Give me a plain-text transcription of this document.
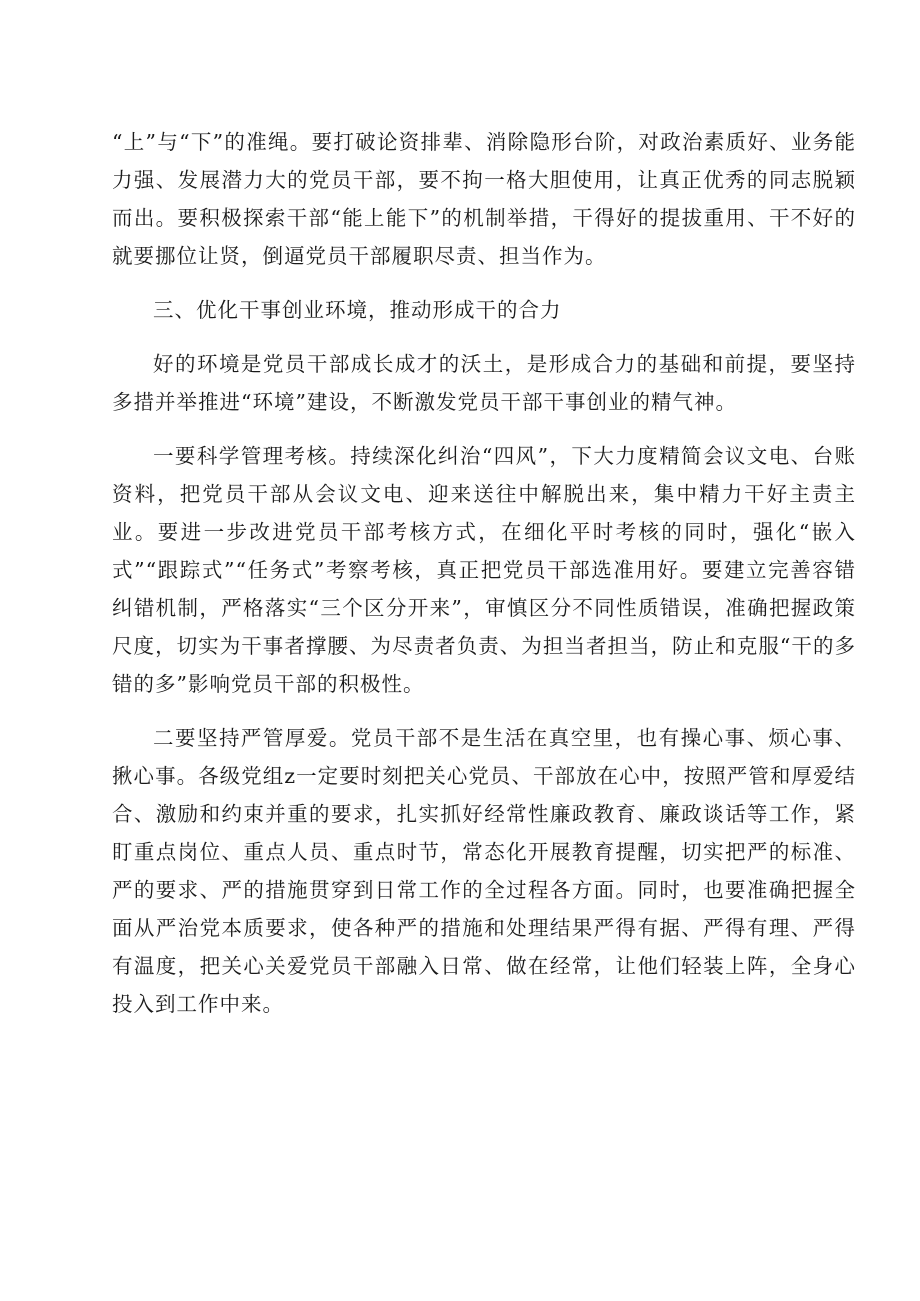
“上”与“下”的准绳。要打破论资排辈、消除隐形台阶，对政治素质好、业务能力强、发展潜力大的党员干部，要不拘一格大胆使用，让真正优秀的同志脱颖而出。要积极探索干部“能上能下”的机制举措，干得好的提拔重用、干不好的就要挪位让贤，倒逼党员干部履职尽责、担当作为。

三、优化干事创业环境，推动形成干的合力

好的环境是党员干部成长成才的沃土，是形成合力的基础和前提，要坚持多措并举推进“环境”建设，不断激发党员干部干事创业的精气神。

一要科学管理考核。持续深化纠治“四风”，下大力度精简会议文电、台账资料，把党员干部从会议文电、迎来送往中解脱出来，集中精力干好主责主业。要进一步改进党员干部考核方式，在细化平时考核的同时，强化“嵌入式”“跟踪式”“任务式”考察考核，真正把党员干部选准用好。要建立完善容错纠错机制，严格落实“三个区分开来”，审慎区分不同性质错误，准确把握政策尺度，切实为干事者撑腰、为尽责者负责、为担当者担当，防止和克服“干的多错的多”影响党员干部的积极性。

二要坚持严管厚爱。党员干部不是生活在真空里，也有操心事、烦心事、揪心事。各级党组z一定要时刻把关心党员、干部放在心中，按照严管和厚爱结合、激励和约束并重的要求，扎实抓好经常性廉政教育、廉政谈话等工作，紧盯重点岗位、重点人员、重点时节，常态化开展教育提醒，切实把严的标准、严的要求、严的措施贯穿到日常工作的全过程各方面。同时，也要准确把握全面从严治党本质要求，使各种严的措施和处理结果严得有据、严得有理、严得有温度，把关心关爱党员干部融入日常、做在经常，让他们轻装上阵，全身心投入到工作中来。
